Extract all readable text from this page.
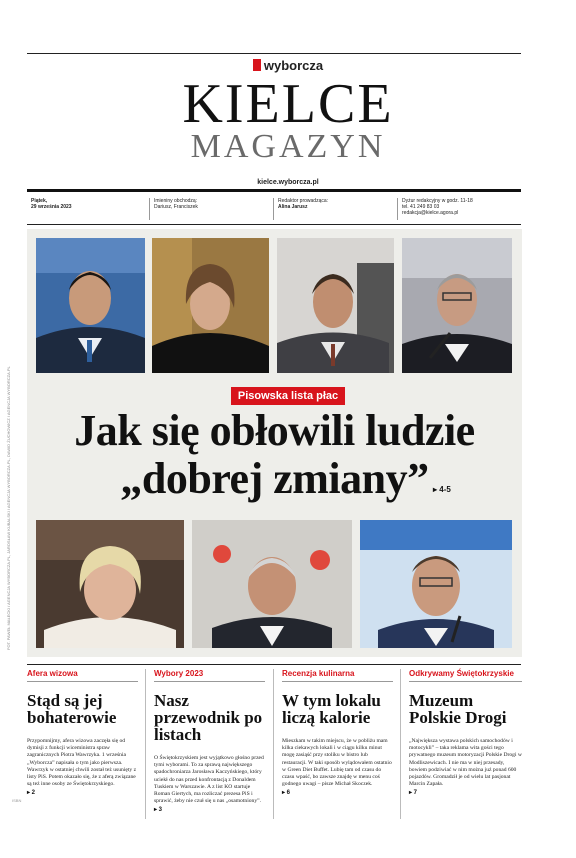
wyborcza
KIELCE
MAGAZYN
kielce.wyborcza.pl
Piątek,
29 września 2023
Imieniny obchodzą:
Dariusz, Franciszek
Redaktor prowadząca:
Alina Jarusz
Dyżur redakcyjny w godz. 11-18
tel. 41 249 83 03
redakcja@kielce.agora.pl
Pisowska lista płac
Jak się obłowili ludzie
„dobrej zmiany” ▸ 4-5
FOT. PAWEŁ MAŁECKI / AGENCJA WYBORCZA.PL, JAROSŁAW KUBALSKI / AGENCJA WYBORCZA.PL, DAWID ŻUCHOWICZ / AGENCJA WYBORCZA.PL
Afera wizowa
Stąd są jej bohaterowie
Przypomnijmy, afera wizowa zaczęła się od dymisji z funkcji wiceministra spraw zagranicznych Piotra Wawrzyka. 1 września „Wyborcza” napisała o tym jako pierwsza. Wawrzyk w ostatniej chwili został też usunięty z listy PiS. Potem okazało się, że z aferą związane są też inne osoby ze Świętokrzyskiego.
▸ 2
Wybory 2023
Nasz przewodnik po listach
O Świętokrzyskiem jest wyjątkowo głośno przed tymi wyborami. To za sprawą największego spadochroniarza Jarosława Kaczyńskiego, który uciekł do nas przed konfrontacją z Donaldem Tuskiem w Warszawie. A z list KO startuje Roman Giertych, ma rozliczać prezesa PiS i sprawić, żeby nie czuł się u nas „osamotniony”.
▸ 3
Recenzja kulinarna
W tym lokalu liczą kalorie
Mieszkam w takim miejscu, że w pobliżu mam kilka ciekawych lokali i w ciągu kilku minut mogę zasiąść przy stoliku w bistro lub restauracji. W taki sposób wylądowałem ostatnio w Green Diet Buffet. Lubię tam od czasu do czasu wpaść, bo zawsze znajdę w menu coś godnego uwagi – pisze Michał Skoczek.
▸ 6
Odkrywamy Świętokrzyskie
Muzeum Polskie Drogi
„Największa wystawa polskich samochodów i motocykli” – taka reklama wita gości tego prywatnego muzeum motoryzacji Polskie Drogi w Modliszewicach. I nie ma w niej przesady, bowiem podziwiać w nim można już ponad 600 pojazdów. Gromadził je od wielu lat pasjonat Marcin Zapała.
▸ 7
ISBN
